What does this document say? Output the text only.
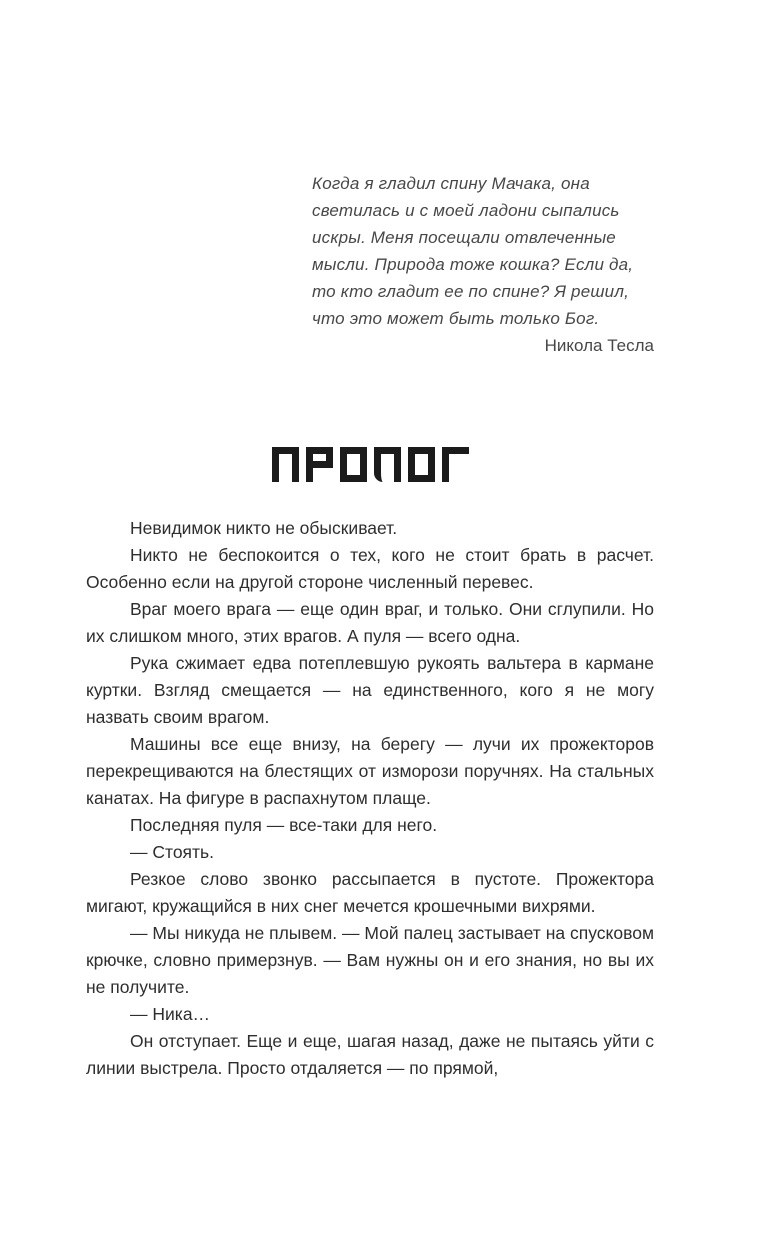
Когда я гладил спину Мачака, она светилась и с моей ладони сыпались искры. Меня посещали отвлеченные мысли. Природа тоже кошка? Если да, то кто гладит ее по спине? Я решил, что это может быть только Бог.
Никола Тесла

Невидимок никто не обыскивает.

Никто не беспокоится о тех, кого не стоит брать в расчет. Особенно если на другой стороне численный перевес.

Враг моего врага — еще один враг, и только. Они сглупили. Но их слишком много, этих врагов. А пуля — всего одна.

Рука сжимает едва потеплевшую рукоять вальтера в кармане куртки. Взгляд смещается — на единственного, кого я не могу назвать своим врагом.

Машины все еще внизу, на берегу — лучи их прожекторов перекрещиваются на блестящих от изморози поручнях. На стальных канатах. На фигуре в распахнутом плаще.

Последняя пуля — все-таки для него.

— Стоять.

Резкое слово звонко рассыпается в пустоте. Прожектора мигают, кружащийся в них снег мечется крошечными вихрями.

— Мы никуда не плывем. — Мой палец застывает на спусковом крючке, словно примерзнув. — Вам нужны он и его знания, но вы их не получите.

— Ника…

Он отступает. Еще и еще, шагая назад, даже не пытаясь уйти с линии выстрела. Просто отдаляется — по прямой,
